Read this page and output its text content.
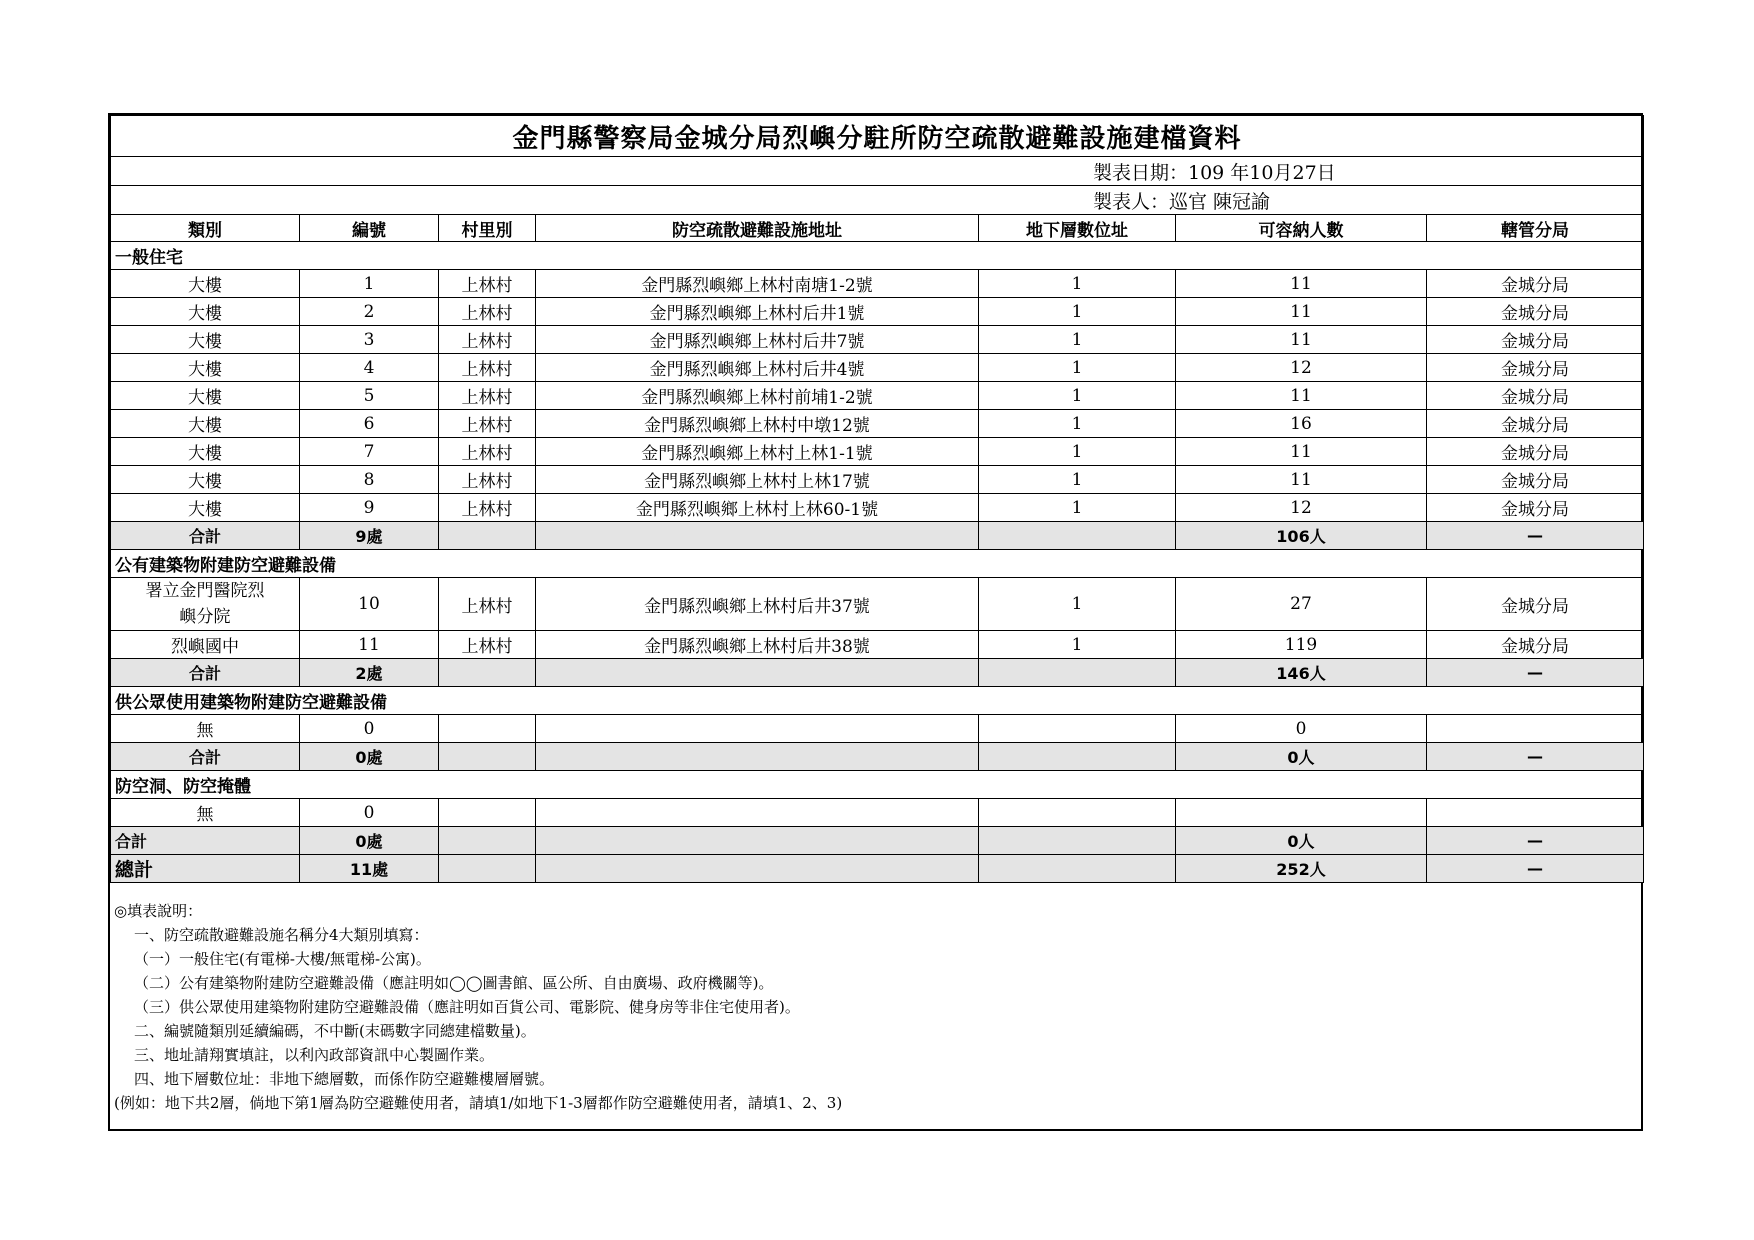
金門縣警察局金城分局烈嶼分駐所防空疏散避難設施建檔資料						
製表日期：109 年10月27日						
製表人：巡官 陳冠諭						
類別	編號	村里別	防空疏散避難設施地址	地下層數位址	可容納人數	轄管分局
一般住宅						
大樓	1	上林村	金門縣烈嶼鄉上林村南塘1-2號	1	11	金城分局
大樓	2	上林村	金門縣烈嶼鄉上林村后井1號	1	11	金城分局
大樓	3	上林村	金門縣烈嶼鄉上林村后井7號	1	11	金城分局
大樓	4	上林村	金門縣烈嶼鄉上林村后井4號	1	12	金城分局
大樓	5	上林村	金門縣烈嶼鄉上林村前埔1-2號	1	11	金城分局
大樓	6	上林村	金門縣烈嶼鄉上林村中墩12號	1	16	金城分局
大樓	7	上林村	金門縣烈嶼鄉上林村上林1-1號	1	11	金城分局
大樓	8	上林村	金門縣烈嶼鄉上林村上林17號	1	11	金城分局
大樓	9	上林村	金門縣烈嶼鄉上林村上林60-1號	1	12	金城分局
合計	9處				106人	—
公有建築物附建防空避難設備						
署立金門醫院烈嶼分院	10	上林村	金門縣烈嶼鄉上林村后井37號	1	27	金城分局
烈嶼國中	11	上林村	金門縣烈嶼鄉上林村后井38號	1	119	金城分局
合計	2處				146人	—
供公眾使用建築物附建防空避難設備						
無	0				0	
合計	0處				0人	—
防空洞、防空掩體						
無	0					
合計	0處				0人	—
總計	11處				252人	—
◎填表說明：
一、防空疏散避難設施名稱分4大類別填寫：
（一）一般住宅(有電梯-大樓/無電梯-公寓)。
（二）公有建築物附建防空避難設備（應註明如◯◯圖書館、區公所、自由廣場、政府機關等)。
（三）供公眾使用建築物附建防空避難設備（應註明如百貨公司、電影院、健身房等非住宅使用者)。
二、編號隨類別延續編碼，不中斷(末碼數字同總建檔數量)。
三、地址請翔實填註，以利內政部資訊中心製圖作業。
四、地下層數位址：非地下總層數，而係作防空避難樓層層號。
(例如：地下共2層，倘地下第1層為防空避難使用者，請填1/如地下1-3層都作防空避難使用者，請填1、2、3)
